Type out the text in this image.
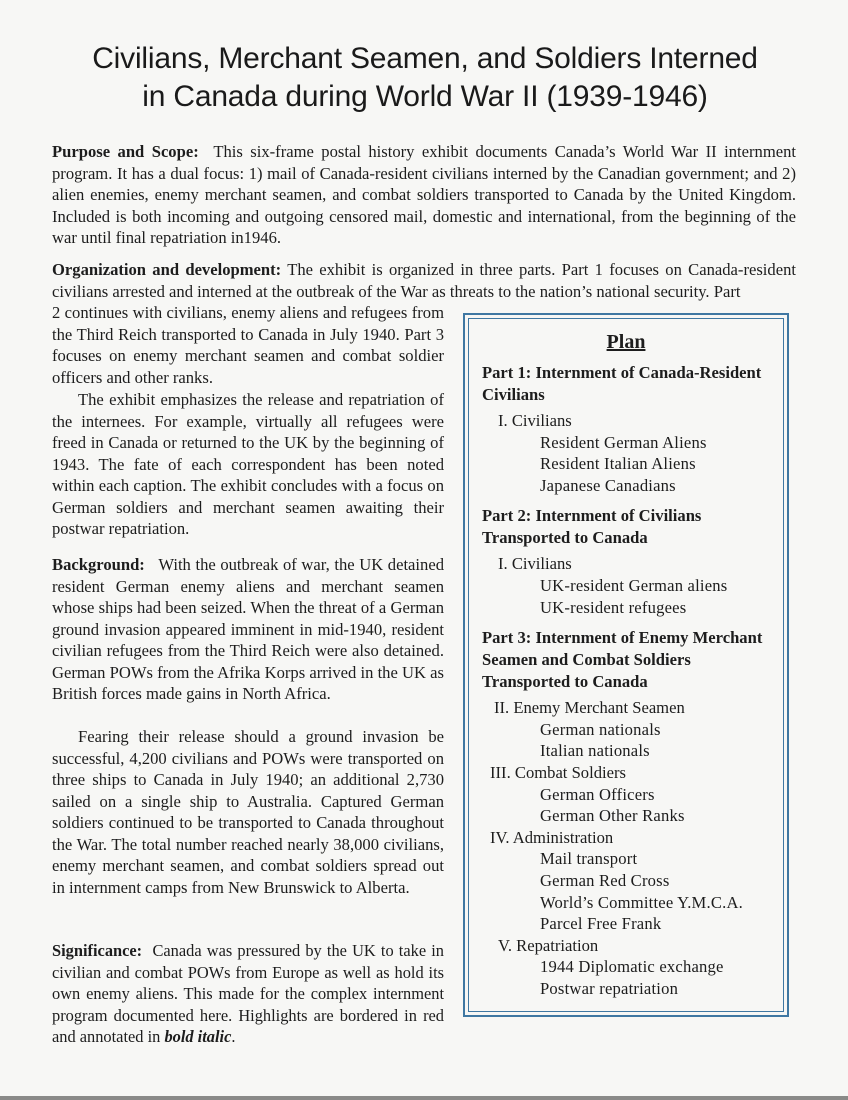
Civilians, Merchant Seamen, and Soldiers Interned
in Canada during World War II (1939-1946)

Purpose and Scope: This six-frame postal history exhibit documents Canada’s World War II internment program. It has a dual focus: 1) mail of Canada-resident civilians interned by the Canadian government; and 2) alien enemies, enemy merchant seamen, and combat soldiers transported to Canada by the United Kingdom. Included is both incoming and outgoing censored mail, domestic and international, from the beginning of the war until final repatriation in1946.

Organization and development: The exhibit is organized in three parts. Part 1 focuses on Canada-resident civilians arrested and interned at the outbreak of the War as threats to the nation’s national security. Part

2 continues with civilians, enemy aliens and refugees from the Third Reich transported to Canada in July 1940. Part 3 focuses on enemy merchant seamen and combat soldier officers and other ranks.

The exhibit emphasizes the release and repatriation of the internees. For example, virtually all refugees were freed in Canada or returned to the UK by the beginning of 1943. The fate of each correspondent has been noted within each caption. The exhibit concludes with a focus on German soldiers and merchant seamen awaiting their postwar repatriation.

Background: With the outbreak of war, the UK detained resident German enemy aliens and merchant seamen whose ships had been seized. When the threat of a German ground invasion appeared imminent in mid-1940, resident civilian refugees from the Third Reich were also detained. German POWs from the Afrika Korps arrived in the UK as British forces made gains in North Africa.

Fearing their release should a ground invasion be successful, 4,200 civilians and POWs were transported on three ships to Canada in July 1940; an additional 2,730 sailed on a single ship to Australia. Captured German soldiers continued to be transported to Canada throughout the War. The total number reached nearly 38,000 civilians, enemy merchant seamen, and combat soldiers spread out in internment camps from New Brunswick to Alberta.

Significance: Canada was pressured by the UK to take in civilian and combat POWs from Europe as well as hold its own enemy aliens. This made for the complex internment program documented here. Highlights are bordered in red and annotated in bold italic.

Plan
Part 1: Internment of Canada-Resident Civilians
I. Civilians
Resident German Aliens
Resident Italian Aliens
Japanese Canadians
Part 2: Internment of Civilians Transported to Canada
I. Civilians
UK-resident German aliens
UK-resident refugees
Part 3: Internment of Enemy Merchant Seamen and Combat Soldiers Transported to Canada
II. Enemy Merchant Seamen
German nationals
Italian nationals
III. Combat Soldiers
German Officers
German Other Ranks
IV. Administration
Mail transport
German Red Cross
World’s Committee Y.M.C.A.
Parcel Free Frank
V. Repatriation
1944 Diplomatic exchange
Postwar repatriation
